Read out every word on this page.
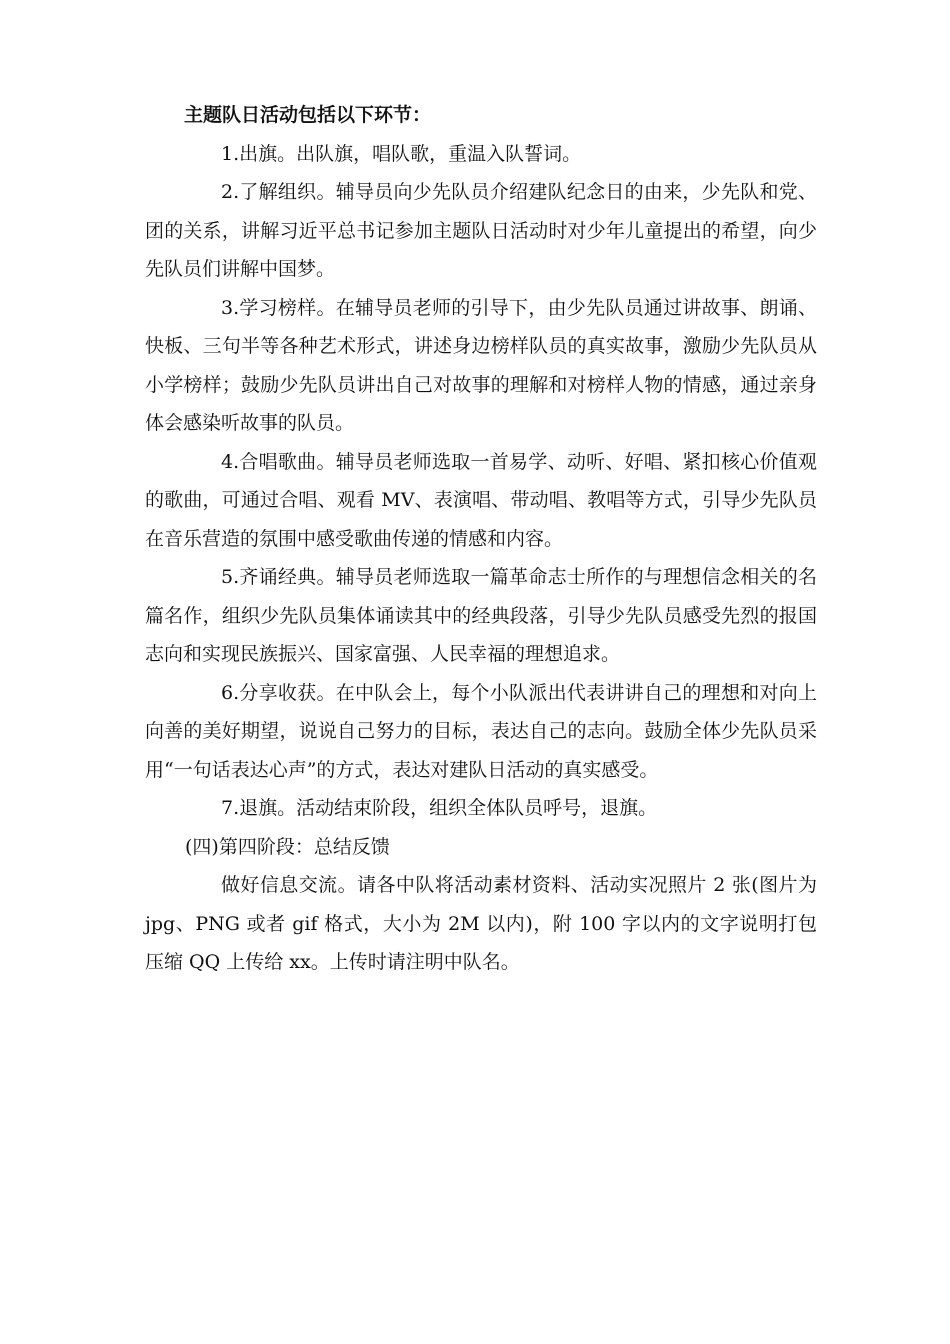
主题队日活动包括以下环节：

1.出旗。出队旗，唱队歌，重温入队誓词。

2.了解组织。辅导员向少先队员介绍建队纪念日的由来，少先队和党、团的关系，讲解习近平总书记参加主题队日活动时对少年儿童提出的希望，向少先队员们讲解中国梦。

3.学习榜样。在辅导员老师的引导下，由少先队员通过讲故事、朗诵、快板、三句半等各种艺术形式，讲述身边榜样队员的真实故事，激励少先队员从小学榜样；鼓励少先队员讲出自己对故事的理解和对榜样人物的情感，通过亲身体会感染听故事的队员。

4.合唱歌曲。辅导员老师选取一首易学、动听、好唱、紧扣核心价值观的歌曲，可通过合唱、观看 MV、表演唱、带动唱、教唱等方式，引导少先队员在音乐营造的氛围中感受歌曲传递的情感和内容。

5.齐诵经典。辅导员老师选取一篇革命志士所作的与理想信念相关的名篇名作，组织少先队员集体诵读其中的经典段落，引导少先队员感受先烈的报国志向和实现民族振兴、国家富强、人民幸福的理想追求。

6.分享收获。在中队会上，每个小队派出代表讲讲自己的理想和对向上向善的美好期望，说说自己努力的目标，表达自己的志向。鼓励全体少先队员采用“一句话表达心声”的方式，表达对建队日活动的真实感受。

7.退旗。活动结束阶段，组织全体队员呼号，退旗。

(四)第四阶段：总结反馈

做好信息交流。请各中队将活动素材资料、活动实况照片 2 张(图片为 jpg、PNG 或者 gif 格式，大小为 2M 以内)，附 100 字以内的文字说明打包压缩 QQ 上传给 xx。上传时请注明中队名。
